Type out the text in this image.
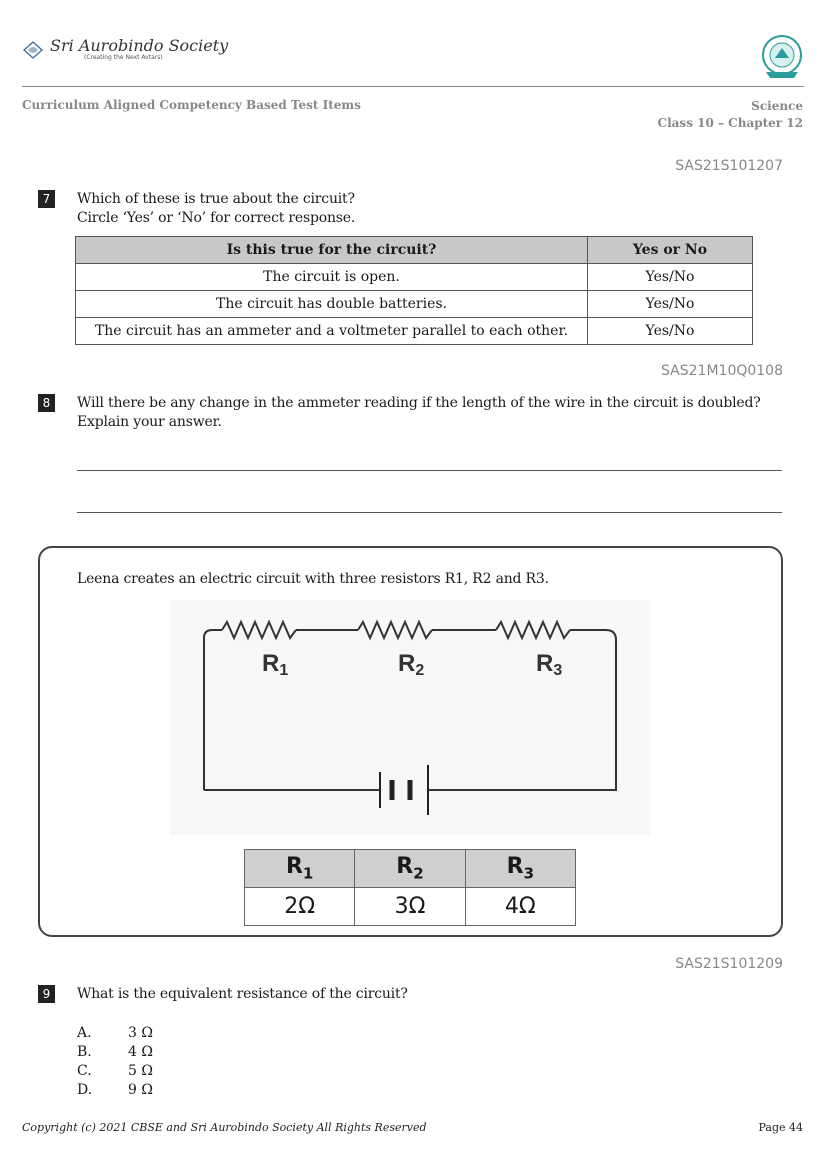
Sri Aurobindo Society
(Creating the Next Avtars)
Curriculum Aligned Competency Based Test Items	Science
Class 10 – Chapter 12
SAS21S101207
7	Which of these is true about the circuit?
Circle ‘Yes’ or ‘No’ for correct response.
Is this true for the circuit?	Yes or No
The circuit is open.	Yes/No
The circuit has double batteries.	Yes/No
The circuit has an ammeter and a voltmeter parallel to each other.	Yes/No
SAS21M10Q0108
8	Will there be any change in the ammeter reading if the length of the wire in the circuit is doubled?
Explain your answer.
Leena creates an electric circuit with three resistors R1, R2 and R3.
R1	R2	R3
$R_1$	$R_2$	$R_3$
2Ω	3Ω	4Ω
SAS21S101209
9	What is the equivalent resistance of the circuit?
A.	3 Ω
B.	4 Ω
C.	5 Ω
D.	9 Ω
Copyright (c) 2021 CBSE and Sri Aurobindo Society All Rights Reserved	Page 44
